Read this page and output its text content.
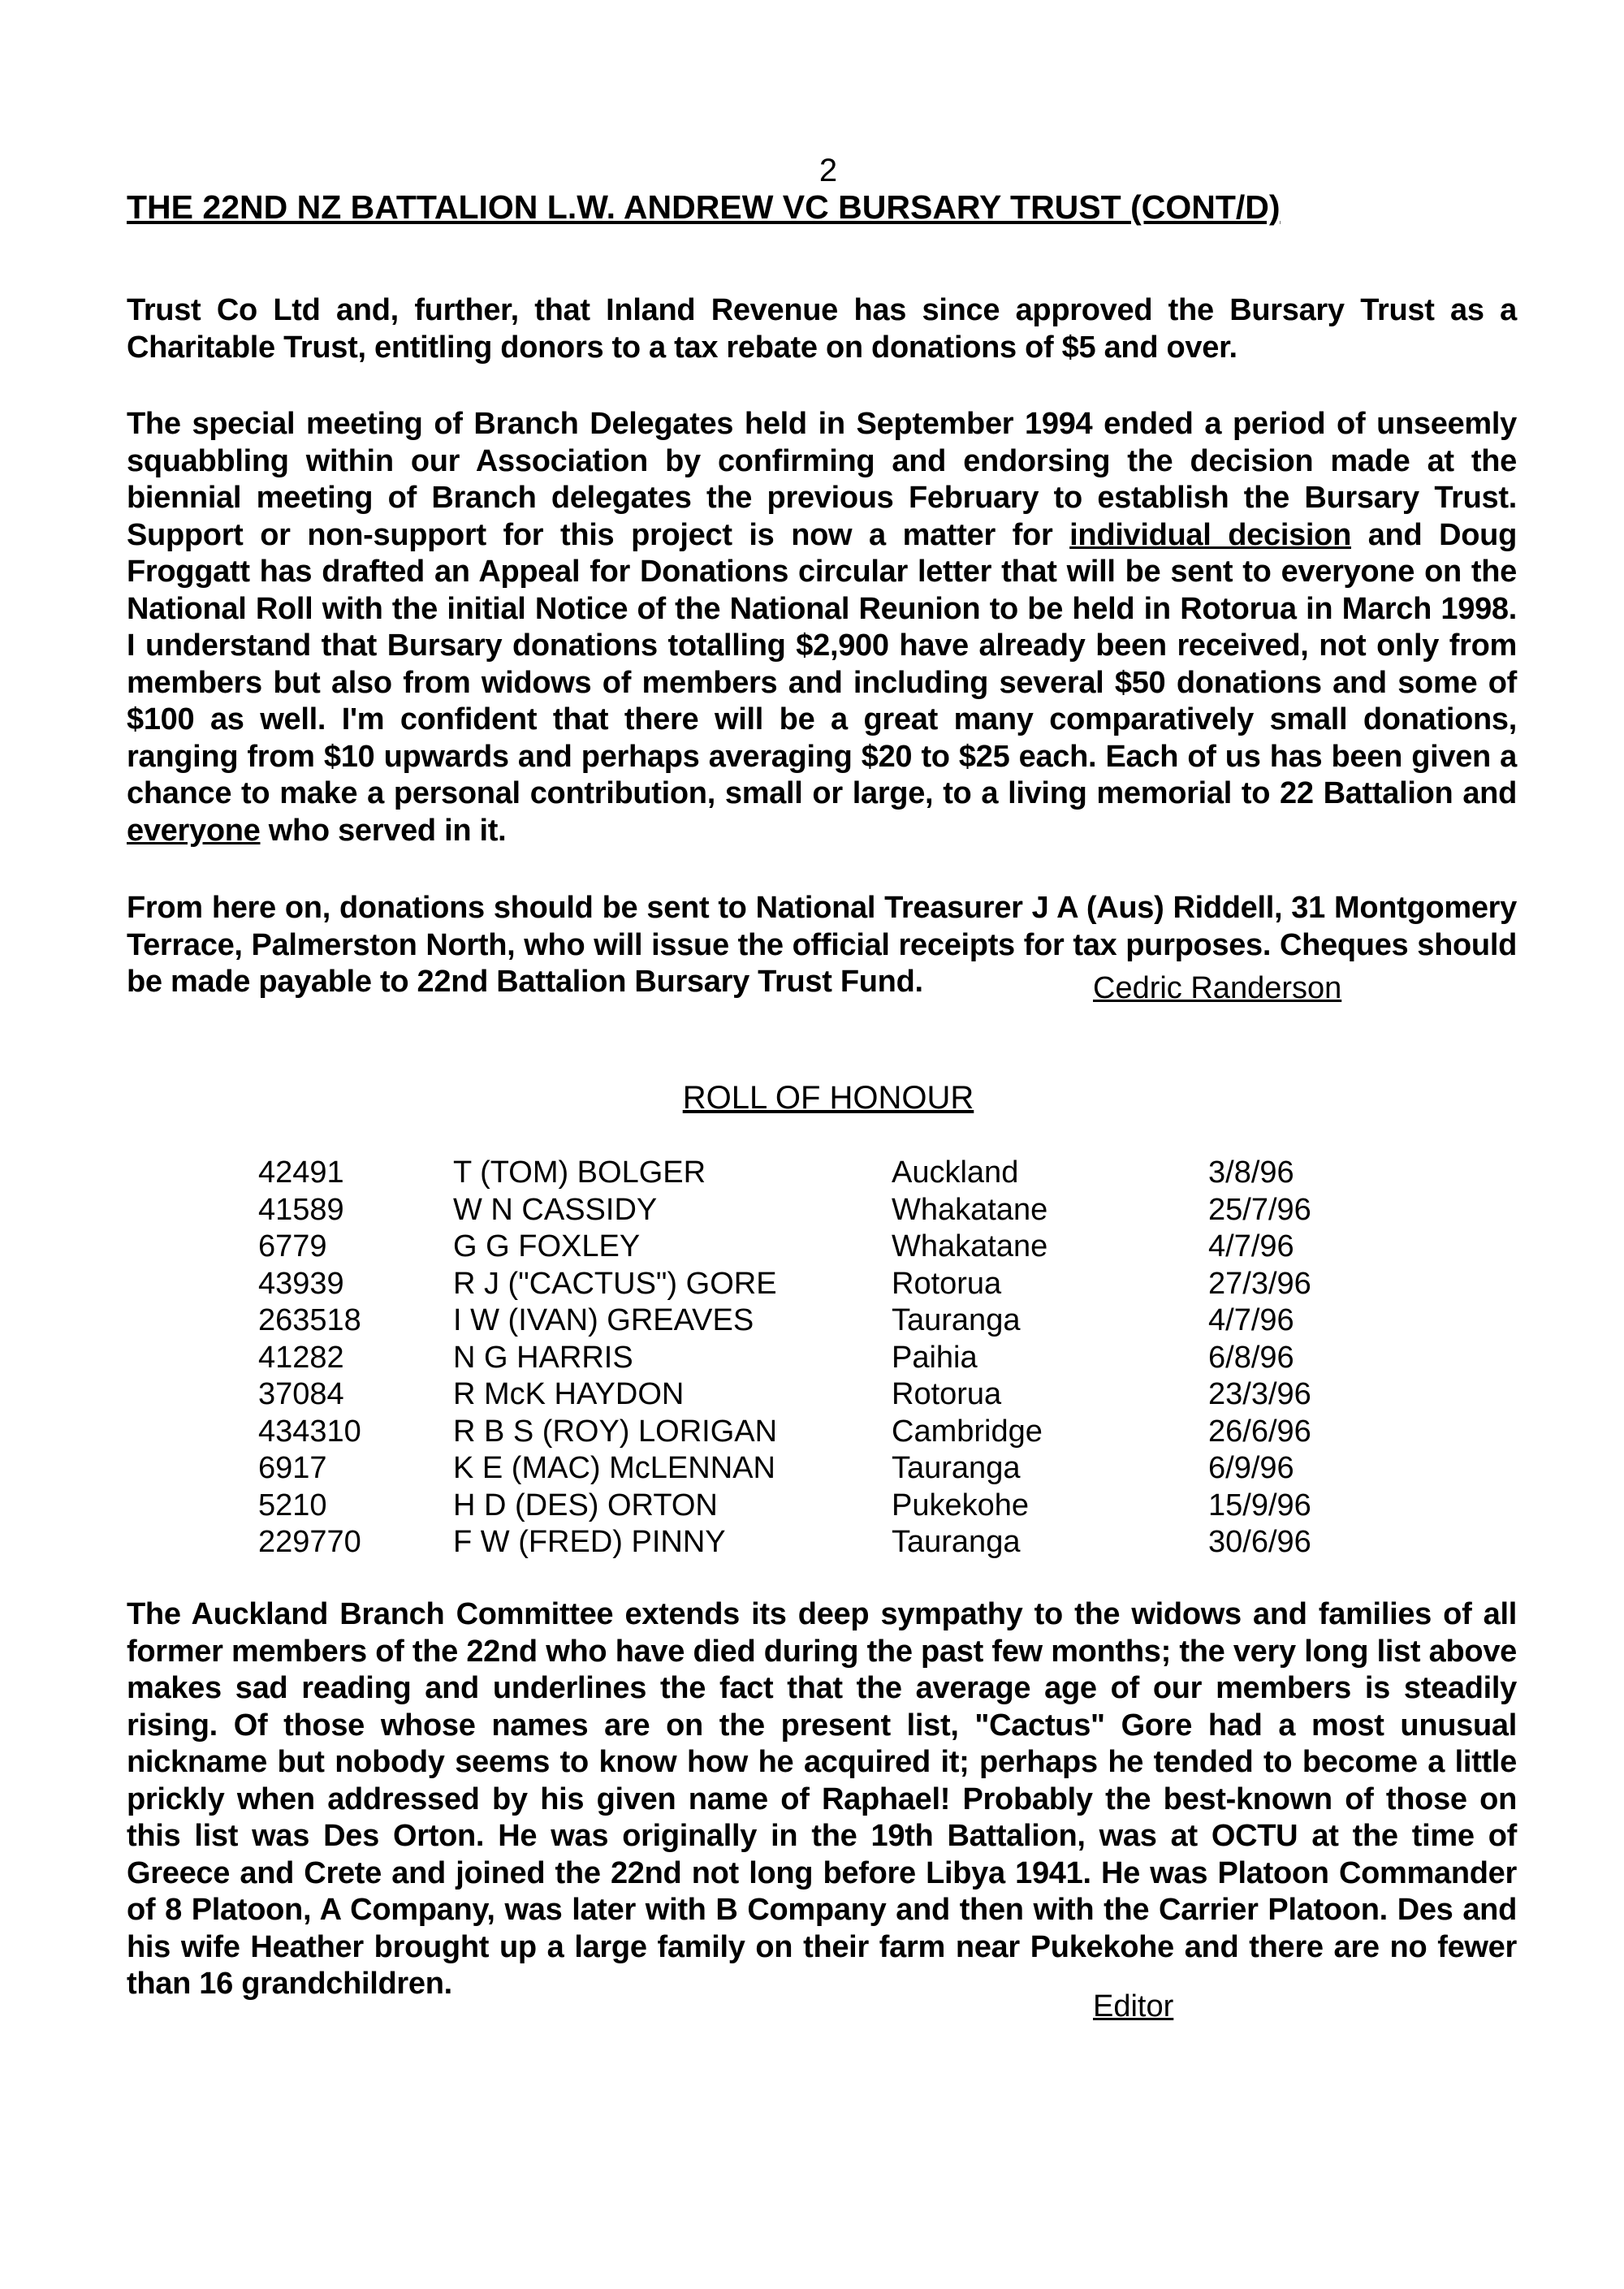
2
THE 22ND NZ BATTALION L.W. ANDREW VC BURSARY TRUST (CONT/D)

Trust Co Ltd and, further, that Inland Revenue has since approved the Bursary Trust as a Charitable Trust, entitling donors to a tax rebate on donations of $5 and over.

The special meeting of Branch Delegates held in September 1994 ended a period of unseemly squabbling within our Association by confirming and endorsing the decision made at the biennial meeting of Branch delegates the previous February to establish the Bursary Trust. Support or non-support for this project is now a matter for individual decision and Doug Froggatt has drafted an Appeal for Donations circular letter that will be sent to everyone on the National Roll with the initial Notice of the National Reunion to be held in Rotorua in March 1998. I understand that Bursary donations totalling $2,900 have already been received, not only from members but also from widows of members and including several $50 donations and some of $100 as well. I'm confident that there will be a great many comparatively small donations, ranging from $10 upwards and perhaps averaging $20 to $25 each. Each of us has been given a chance to make a personal contribution, small or large, to a living memorial to 22 Battalion and everyone who served in it.

From here on, donations should be sent to National Treasurer J A (Aus) Riddell, 31 Montgomery Terrace, Palmerston North, who will issue the official receipts for tax purposes. Cheques should be made payable to 22nd Battalion Bursary Trust Fund.	Cedric Randerson
ROLL OF HONOUR
42491	T (TOM) BOLGER	Auckland	3/8/96
41589	W N CASSIDY	Whakatane	25/7/96
6779	G G FOXLEY	Whakatane	4/7/96
43939	R J ("CACTUS") GORE	Rotorua	27/3/96
263518	I W (IVAN) GREAVES	Tauranga	4/7/96
41282	N G HARRIS	Paihia	6/8/96
37084	R McK HAYDON	Rotorua	23/3/96
434310	R B S (ROY) LORIGAN	Cambridge	26/6/96
6917	K E (MAC) McLENNAN	Tauranga	6/9/96
5210	H D (DES) ORTON	Pukekohe	15/9/96
229770	F W (FRED) PINNY	Tauranga	30/6/96

The Auckland Branch Committee extends its deep sympathy to the widows and families of all former members of the 22nd who have died during the past few months; the very long list above makes sad reading and underlines the fact that the average age of our members is steadily rising. Of those whose names are on the present list, "Cactus" Gore had a most unusual nickname but nobody seems to know how he acquired it; perhaps he tended to become a little prickly when addressed by his given name of Raphael! Probably the best-known of those on this list was Des Orton. He was originally in the 19th Battalion, was at OCTU at the time of Greece and Crete and joined the 22nd not long before Libya 1941. He was Platoon Commander of 8 Platoon, A Company, was later with B Company and then with the Carrier Platoon. Des and his wife Heather brought up a large family on their farm near Pukekohe and there are no fewer than 16 grandchildren.

Editor
